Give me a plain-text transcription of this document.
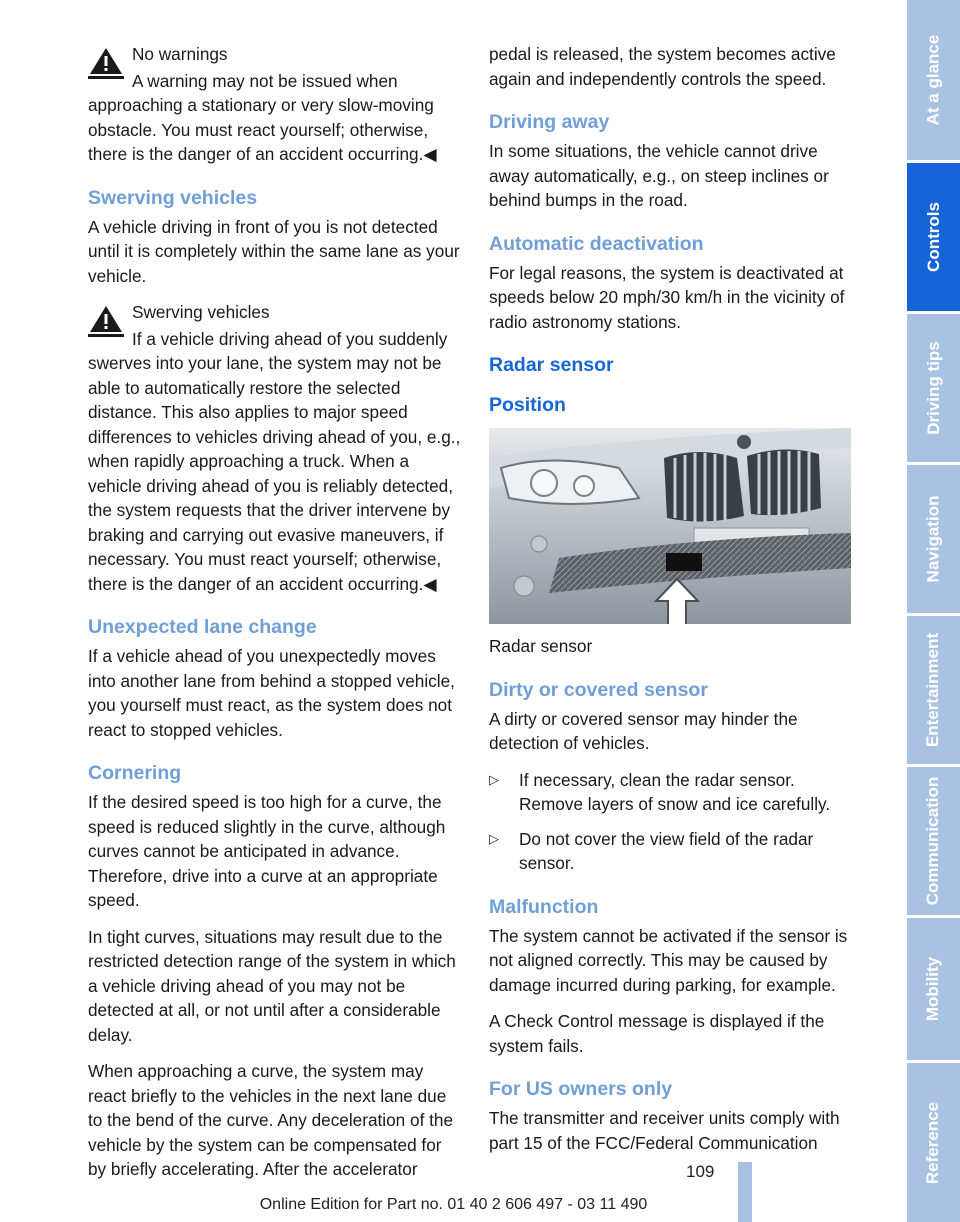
No warnings

A warning may not be issued when approaching a stationary or very slow-moving obstacle. You must react yourself; otherwise, there is the danger of an accident occurring.◀

Swerving vehicles

A vehicle driving in front of you is not detected until it is completely within the same lane as your vehicle.

Swerving vehicles

If a vehicle driving ahead of you suddenly swerves into your lane, the system may not be able to automatically restore the selected distance. This also applies to major speed differences to vehicles driving ahead of you, e.g., when rapidly approaching a truck. When a vehicle driving ahead of you is reliably detected, the system requests that the driver intervene by braking and carrying out evasive maneuvers, if necessary. You must react yourself; otherwise, there is the danger of an accident occurring.◀

Unexpected lane change

If a vehicle ahead of you unexpectedly moves into another lane from behind a stopped vehicle, you yourself must react, as the system does not react to stopped vehicles.

Cornering

If the desired speed is too high for a curve, the speed is reduced slightly in the curve, although curves cannot be anticipated in advance. Therefore, drive into a curve at an appropriate speed.

In tight curves, situations may result due to the restricted detection range of the system in which a vehicle driving ahead of you may not be detected at all, or not until after a considerable delay.

When approaching a curve, the system may react briefly to the vehicles in the next lane due to the bend of the curve. Any deceleration of the vehicle by the system can be compensated for by briefly accelerating. After the accelerator

pedal is released, the system becomes active again and independently controls the speed.

Driving away

In some situations, the vehicle cannot drive away automatically, e.g., on steep inclines or behind bumps in the road.

Automatic deactivation

For legal reasons, the system is deactivated at speeds below 20 mph/30 km/h in the vicinity of radio astronomy stations.

Radar sensor
Position

Radar sensor

Dirty or covered sensor

A dirty or covered sensor may hinder the detection of vehicles.

▷ If necessary, clean the radar sensor. Remove layers of snow and ice carefully.
▷ Do not cover the view field of the radar sensor.
Malfunction

The system cannot be activated if the sensor is not aligned correctly. This may be caused by damage incurred during parking, for example.

A Check Control message is displayed if the system fails.

For US owners only

The transmitter and receiver units comply with part 15 of the FCC/Federal Communication

At a glance
Controls
Driving tips
Navigation
Entertainment
Communication
Mobility
Reference
109
Online Edition for Part no. 01 40 2 606 497 - 03 11 490
